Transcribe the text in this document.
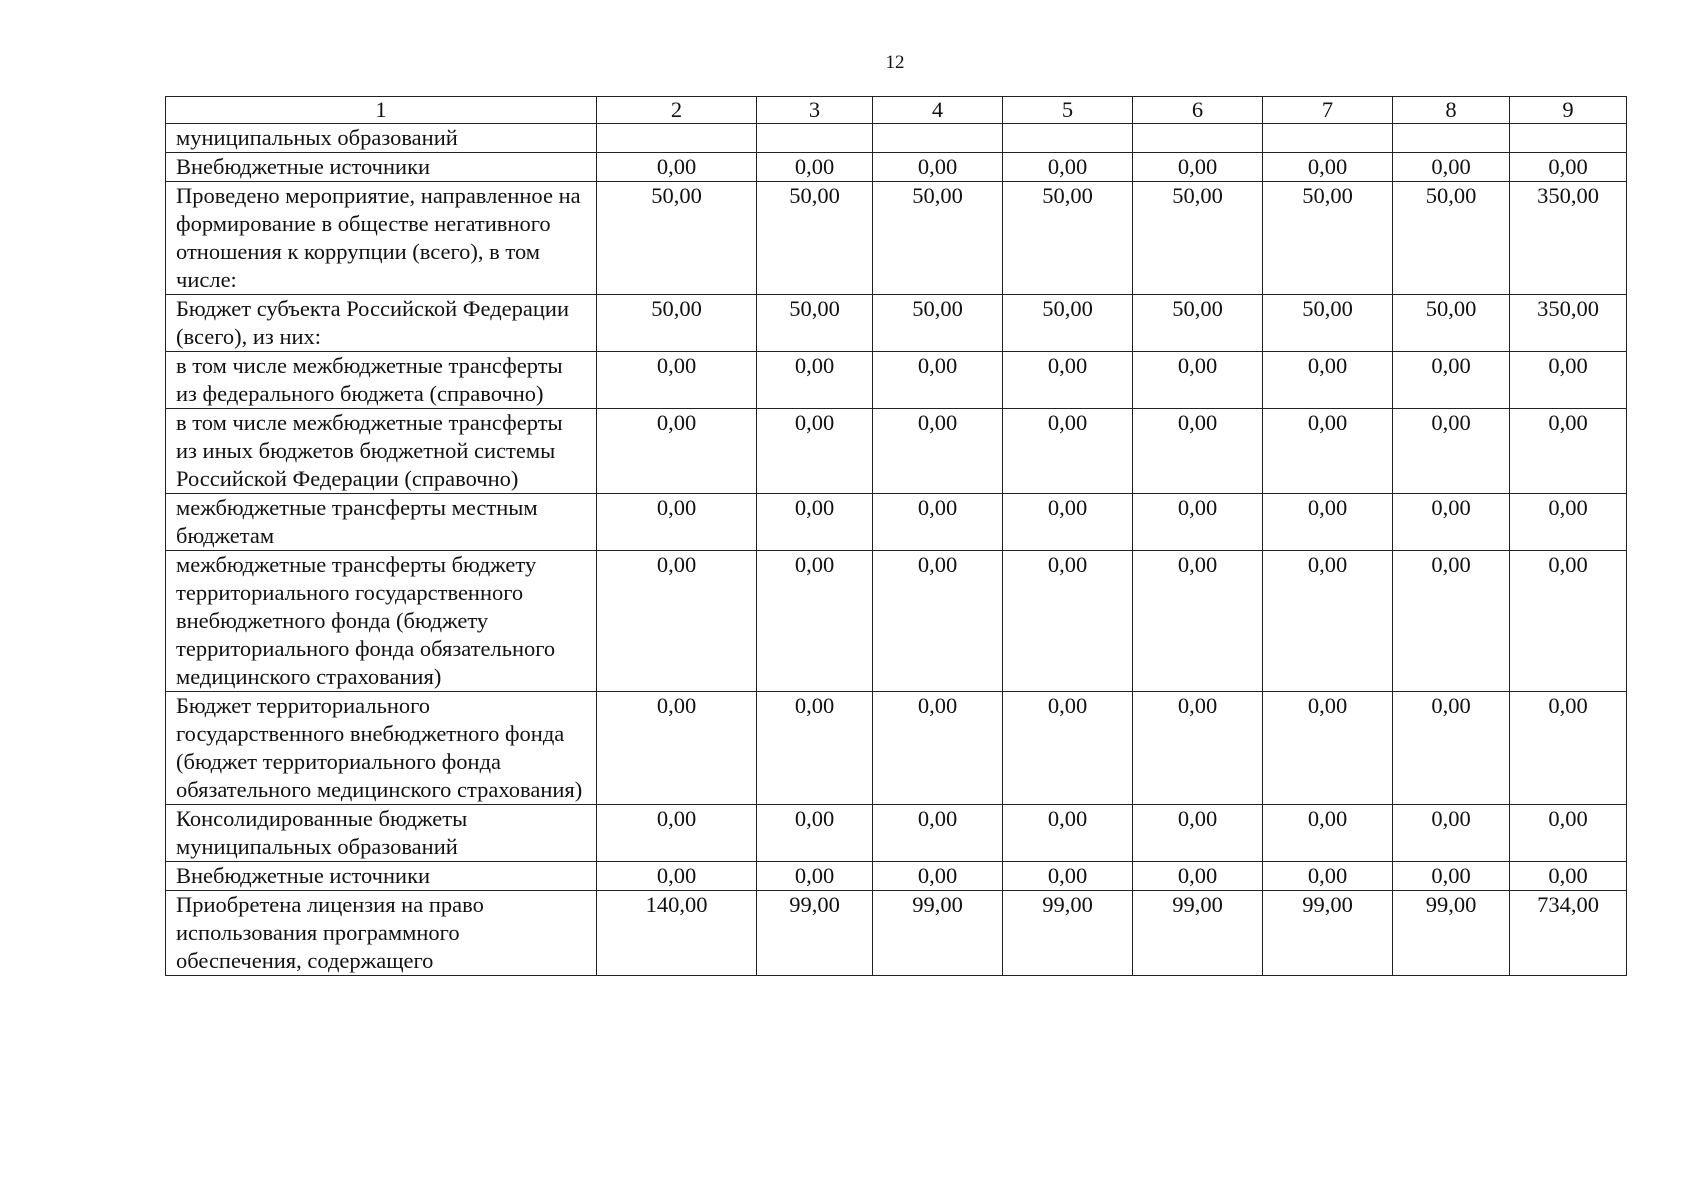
12
1	2	3	4	5	6	7	8	9
муниципальных образований								
Внебюджетные источники	0,00	0,00	0,00	0,00	0,00	0,00	0,00	0,00
Проведено мероприятие, направленное на формирование в обществе негативного отношения к коррупции (всего), в том числе:	50,00	50,00	50,00	50,00	50,00	50,00	50,00	350,00
Бюджет субъекта Российской Федерации (всего), из них:	50,00	50,00	50,00	50,00	50,00	50,00	50,00	350,00
в том числе межбюджетные трансферты из федерального бюджета (справочно)	0,00	0,00	0,00	0,00	0,00	0,00	0,00	0,00
в том числе межбюджетные трансферты из иных бюджетов бюджетной системы Российской Федерации (справочно)	0,00	0,00	0,00	0,00	0,00	0,00	0,00	0,00
межбюджетные трансферты местным бюджетам	0,00	0,00	0,00	0,00	0,00	0,00	0,00	0,00
межбюджетные трансферты бюджету территориального государственного внебюджетного фонда (бюджету территориального фонда обязательного медицинского страхования)	0,00	0,00	0,00	0,00	0,00	0,00	0,00	0,00
Бюджет территориального государственного внебюджетного фонда (бюджет территориального фонда обязательного медицинского страхования)	0,00	0,00	0,00	0,00	0,00	0,00	0,00	0,00
Консолидированные бюджеты муниципальных образований	0,00	0,00	0,00	0,00	0,00	0,00	0,00	0,00
Внебюджетные источники	0,00	0,00	0,00	0,00	0,00	0,00	0,00	0,00
Приобретена лицензия на право использования программного обеспечения, содержащего	140,00	99,00	99,00	99,00	99,00	99,00	99,00	734,00
